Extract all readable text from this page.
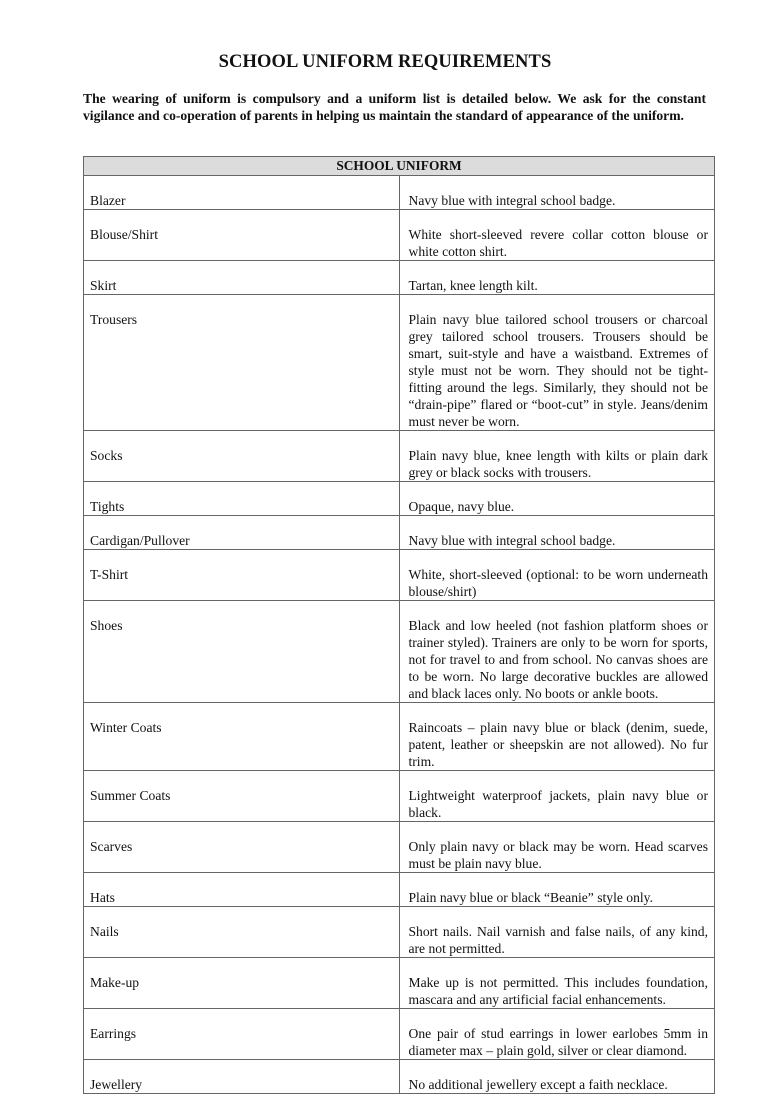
SCHOOL UNIFORM REQUIREMENTS
The wearing of uniform is compulsory and a uniform list is detailed below. We ask for the constant vigilance and co-operation of parents in helping us maintain the standard of appearance of the uniform.
SCHOOL UNIFORM	

Blazer	Navy blue with integral school badge.

Blouse/Shirt	White short-sleeved revere collar cotton blouse or white cotton shirt.

Skirt	Tartan, knee length kilt.

Trousers	Plain navy blue tailored school trousers or charcoal grey tailored school trousers. Trousers should be smart, suit-style and have a waistband. Extremes of style must not be worn. They should not be tight-fitting around the legs. Similarly, they should not be “drain-pipe” flared or “boot-cut” in style. Jeans/denim must never be worn.

Socks	Plain navy blue, knee length with kilts or plain dark grey or black socks with trousers.

Tights	Opaque, navy blue.

Cardigan/Pullover	Navy blue with integral school badge.

T-Shirt	White, short-sleeved (optional: to be worn underneath blouse/shirt)

Shoes	Black and low heeled (not fashion platform shoes or trainer styled). Trainers are only to be worn for sports, not for travel to and from school. No canvas shoes are to be worn. No large decorative buckles are allowed and black laces only. No boots or ankle boots.

Winter Coats	Raincoats – plain navy blue or black (denim, suede, patent, leather or sheepskin are not allowed). No fur trim.

Summer Coats	Lightweight waterproof jackets, plain navy blue or black.

Scarves	Only plain navy or black may be worn. Head scarves must be plain navy blue.

Hats	Plain navy blue or black “Beanie” style only.

Nails	Short nails. Nail varnish and false nails, of any kind, are not permitted.

Make-up	Make up is not permitted. This includes foundation, mascara and any artificial facial enhancements.

Earrings	One pair of stud earrings in lower earlobes 5mm in diameter max – plain gold, silver or clear diamond.

Jewellery	No additional jewellery except a faith necklace.
